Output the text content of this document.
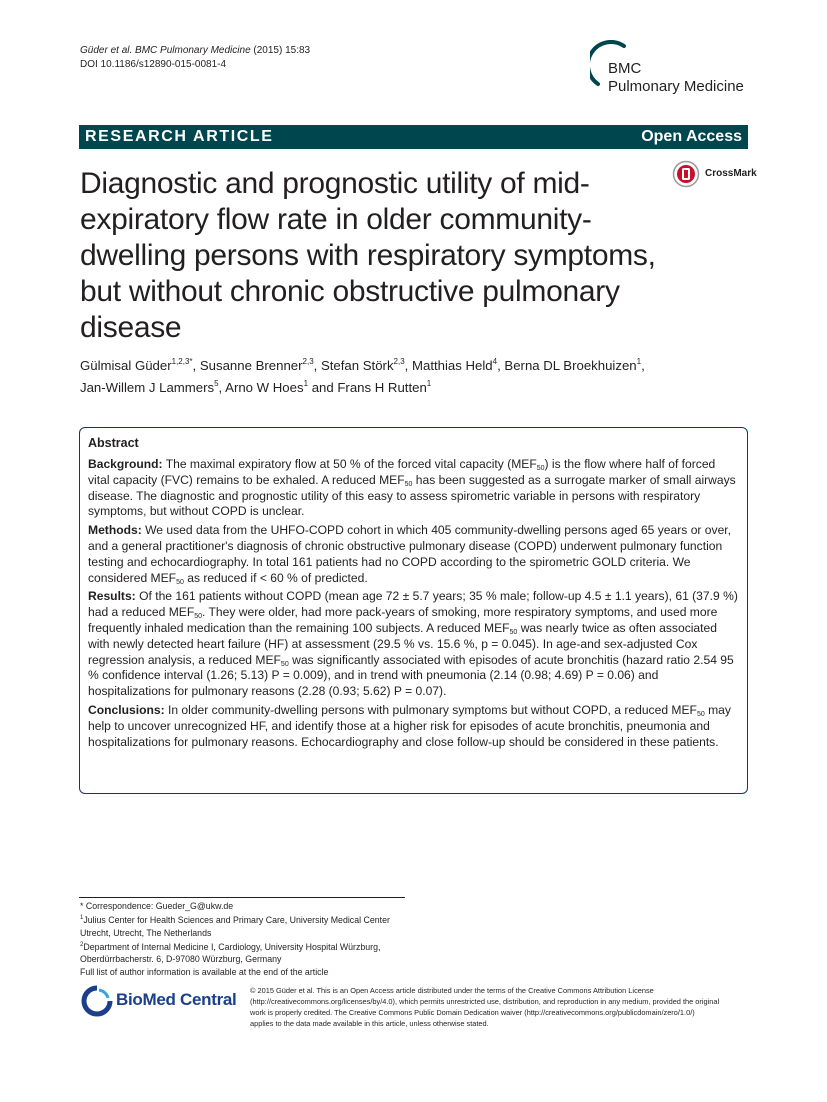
Güder et al. BMC Pulmonary Medicine (2015) 15:83
DOI 10.1186/s12890-015-0081-4	BMC
Pulmonary Medicine
RESEARCH ARTICLE	Open Access
CrossMark
Diagnostic and prognostic utility of mid-expiratory flow rate in older community-dwelling persons with respiratory symptoms, but without chronic obstructive pulmonary disease
Gülmisal Güder$^{1,2,3*}$, Susanne Brenner$^{2,3}$, Stefan Störk$^{2,3}$, Matthias Held$^4$, Berna DL Broekhuizen$^1$,
Jan-Willem J Lammers$^5$, Arno W Hoes$^1$ and Frans H Rutten$^1$
Abstract

Background: The maximal expiratory flow at 50 % of the forced vital capacity $(MEF_{50})$ is the flow where half of forced vital capacity (FVC) remains to be exhaled. A reduced $MEF_{50}$ has been suggested as a surrogate marker of small airways disease. The diagnostic and prognostic utility of this easy to assess spirometric variable in persons with respiratory symptoms, but without COPD is unclear.

Methods: We used data from the UHFO-COPD cohort in which 405 community-dwelling persons aged 65 years or over, and a general practitioner's diagnosis of chronic obstructive pulmonary disease (COPD) underwent pulmonary function testing and echocardiography. In total 161 patients had no COPD according to the spirometric GOLD criteria. We considered $MEF_{50}$ as reduced if < 60 % of predicted.

Results: Of the 161 patients without COPD (mean age 72 ± 5.7 years; 35 % male; follow-up 4.5 ± 1.1 years), 61 (37.9 %) had a reduced $MEF_{50}$. They were older, had more pack-years of smoking, more respiratory symptoms, and used more frequently inhaled medication than the remaining 100 subjects. A reduced $MEF_{50}$ was nearly twice as often associated with newly detected heart failure (HF) at assessment (29.5 % vs. 15.6 %, p = 0.045). In age-and sex-adjusted Cox regression analysis, a reduced $MEF_{50}$ was significantly associated with episodes of acute bronchitis (hazard ratio 2.54 95 % confidence interval (1.26; 5.13) P = 0.009), and in trend with pneumonia (2.14 (0.98; 4.69) P = 0.06) and hospitalizations for pulmonary reasons (2.28 (0.93; 5.62) P = 0.07).

Conclusions: In older community-dwelling persons with pulmonary symptoms but without COPD, a reduced $MEF_{50}$ may help to uncover unrecognized HF, and identify those at a higher risk for episodes of acute bronchitis, pneumonia and hospitalizations for pulmonary reasons. Echocardiography and close follow-up should be considered in these patients.

* Correspondence: Gueder_G@ukw.de
$^1$Julius Center for Health Sciences and Primary Care, University Medical Center Utrecht, Utrecht, The Netherlands
$^2$Department of Internal Medicine I, Cardiology, University Hospital Würzburg, Oberdürrbacherstr. 6, D-97080 Würzburg, Germany
Full list of author information is available at the end of the article
BioMed Central © 2015 Güder et al. This is an Open Access article distributed under the terms of the Creative Commons Attribution License (http://creativecommons.org/licenses/by/4.0), which permits unrestricted use, distribution, and reproduction in any medium, provided the original work is properly credited. The Creative Commons Public Domain Dedication waiver (http://creativecommons.org/publicdomain/zero/1.0/) applies to the data made available in this article, unless otherwise stated.
